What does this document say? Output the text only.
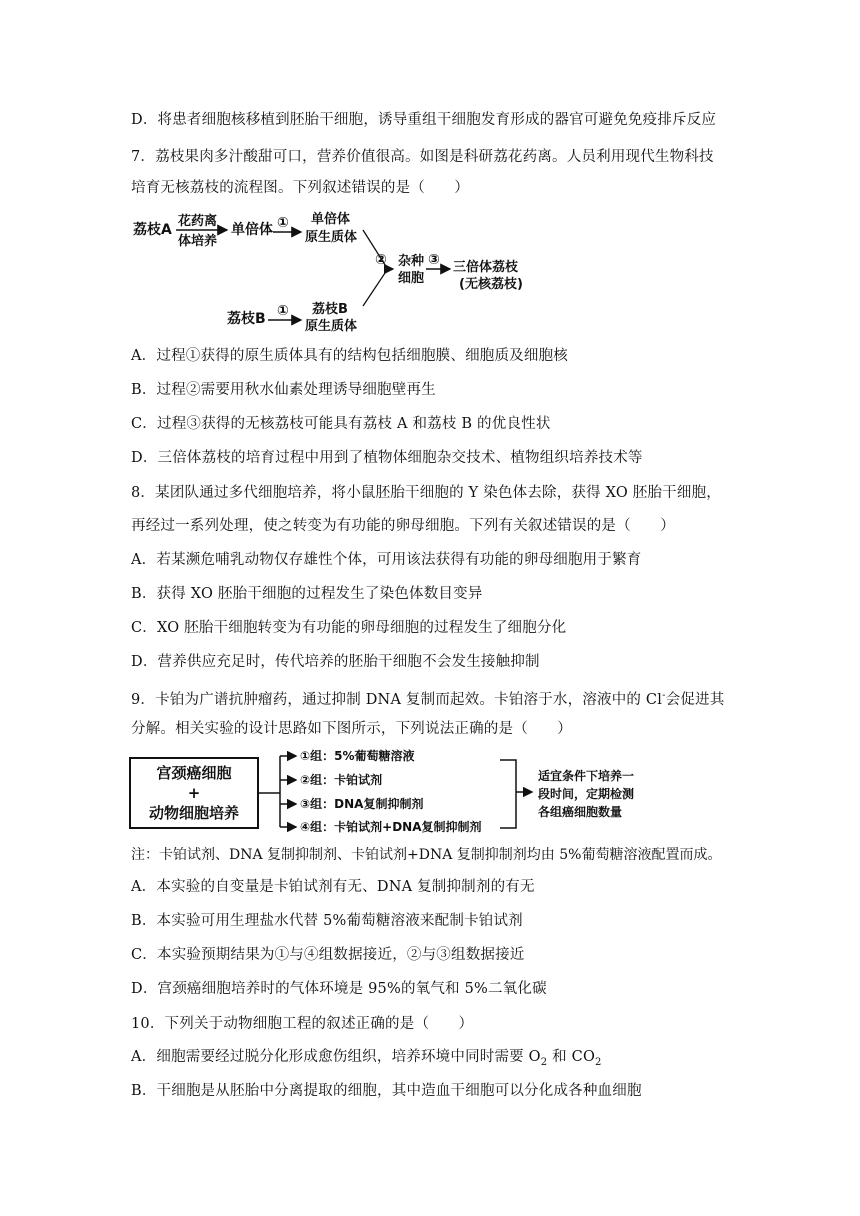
D．将患者细胞核移植到胚胎干细胞，诱导重组干细胞发育形成的器官可避免免疫排斥反应
7．荔枝果肉多汁酸甜可口，营养价值很高。如图是科研荔花药离。人员利用现代生物科技
培育无核荔枝的流程图。下列叙述错误的是（　　）
荔枝A
花药离
体培养
单倍体 ① 单倍体
原生质体
② 杂种
细胞
③ 三倍体荔枝
(无核荔枝)
荔枝B ① 荔枝B
原生质体
A．过程①获得的原生质体具有的结构包括细胞膜、细胞质及细胞核
B．过程②需要用秋水仙素处理诱导细胞壁再生
C．过程③获得的无核荔枝可能具有荔枝 A 和荔枝 B 的优良性状
D．三倍体荔枝的培育过程中用到了植物体细胞杂交技术、植物组织培养技术等
8．某团队通过多代细胞培养，将小鼠胚胎干细胞的 Y 染色体去除，获得 XO 胚胎干细胞，
再经过一系列处理，使之转变为有功能的卵母细胞。下列有关叙述错误的是（　　）
A．若某濒危哺乳动物仅存雄性个体，可用该法获得有功能的卵母细胞用于繁育
B．获得 XO 胚胎干细胞的过程发生了染色体数目变异
C．XO 胚胎干细胞转变为有功能的卵母细胞的过程发生了细胞分化
D．营养供应充足时，传代培养的胚胎干细胞不会发生接触抑制
9．卡铂为广谱抗肿瘤药，通过抑制 DNA 复制而起效。卡铂溶于水，溶液中的 Cl-会促进其
分解。相关实验的设计思路如下图所示，下列说法正确的是（　　）
宫颈癌细胞
+
动物细胞培养
①组：5%葡萄糖溶液
②组：卡铂试剂
③组：DNA复制抑制剂
④组：卡铂试剂+DNA复制抑制剂
适宜条件下培养一
段时间，定期检测
各组癌细胞数量
注：卡铂试剂、DNA 复制抑制剂、卡铂试剂+DNA 复制抑制剂均由 5%葡萄糖溶液配置而成。
A．本实验的自变量是卡铂试剂有无、DNA 复制抑制剂的有无
B．本实验可用生理盐水代替 5%葡萄糖溶液来配制卡铂试剂
C．本实验预期结果为①与④组数据接近，②与③组数据接近
D．宫颈癌细胞培养时的气体环境是 95%的氧气和 5%二氧化碳
10．下列关于动物细胞工程的叙述正确的是（　　）
A．细胞需要经过脱分化形成愈伤组织，培养环境中同时需要 $O_2$ 和 $CO_2$
B．干细胞是从胚胎中分离提取的细胞，其中造血干细胞可以分化成各种血细胞
